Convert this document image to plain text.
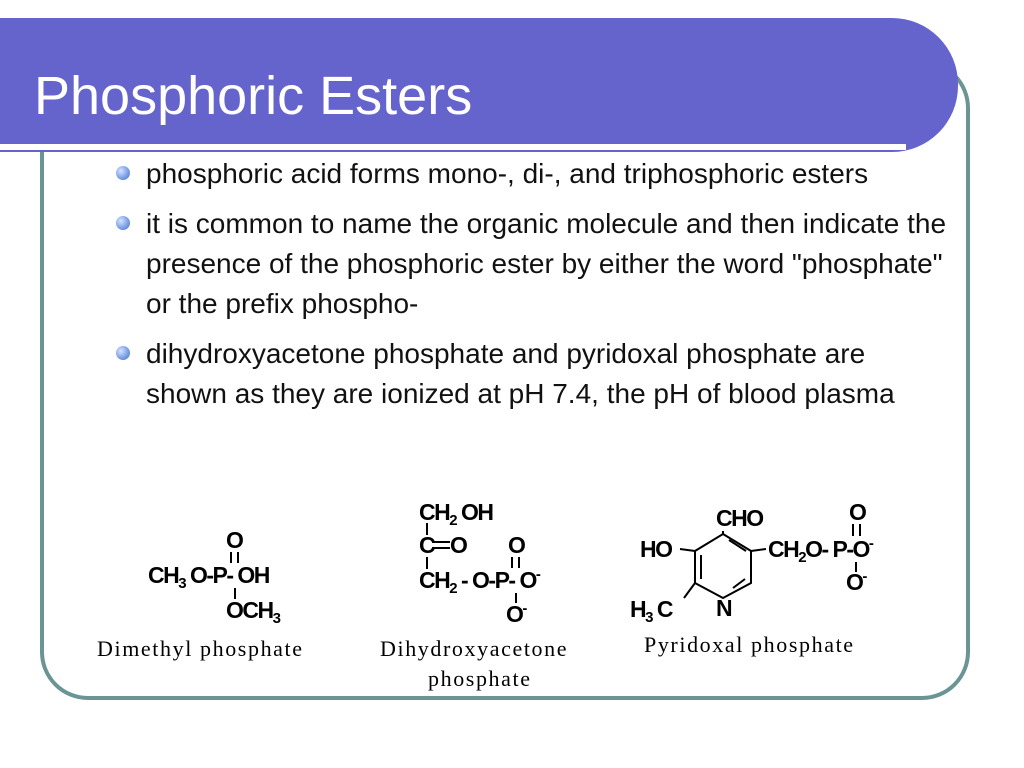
Phosphoric Esters
phosphoric acid forms mono-, di-, and triphosphoric esters
it is common to name the organic molecule and then indicate the presence of the phosphoric ester by either the word "phosphate" or the prefix phospho-
dihydroxyacetone phosphate and pyridoxal phosphate are shown as they are ionized at pH 7.4, the pH of blood plasma
O
$CH_3$ O-P- OH
$OCH_3$
Dimethyl phosphate
$CH_2$ OH
C O O
$CH_2 - O-P-$ O-
O-
Dihydroxyacetone
phosphate
CHO	O
HO	$CH_2O-$ P-O-
O-
$H_3$ C N
Pyridoxal phosphate
